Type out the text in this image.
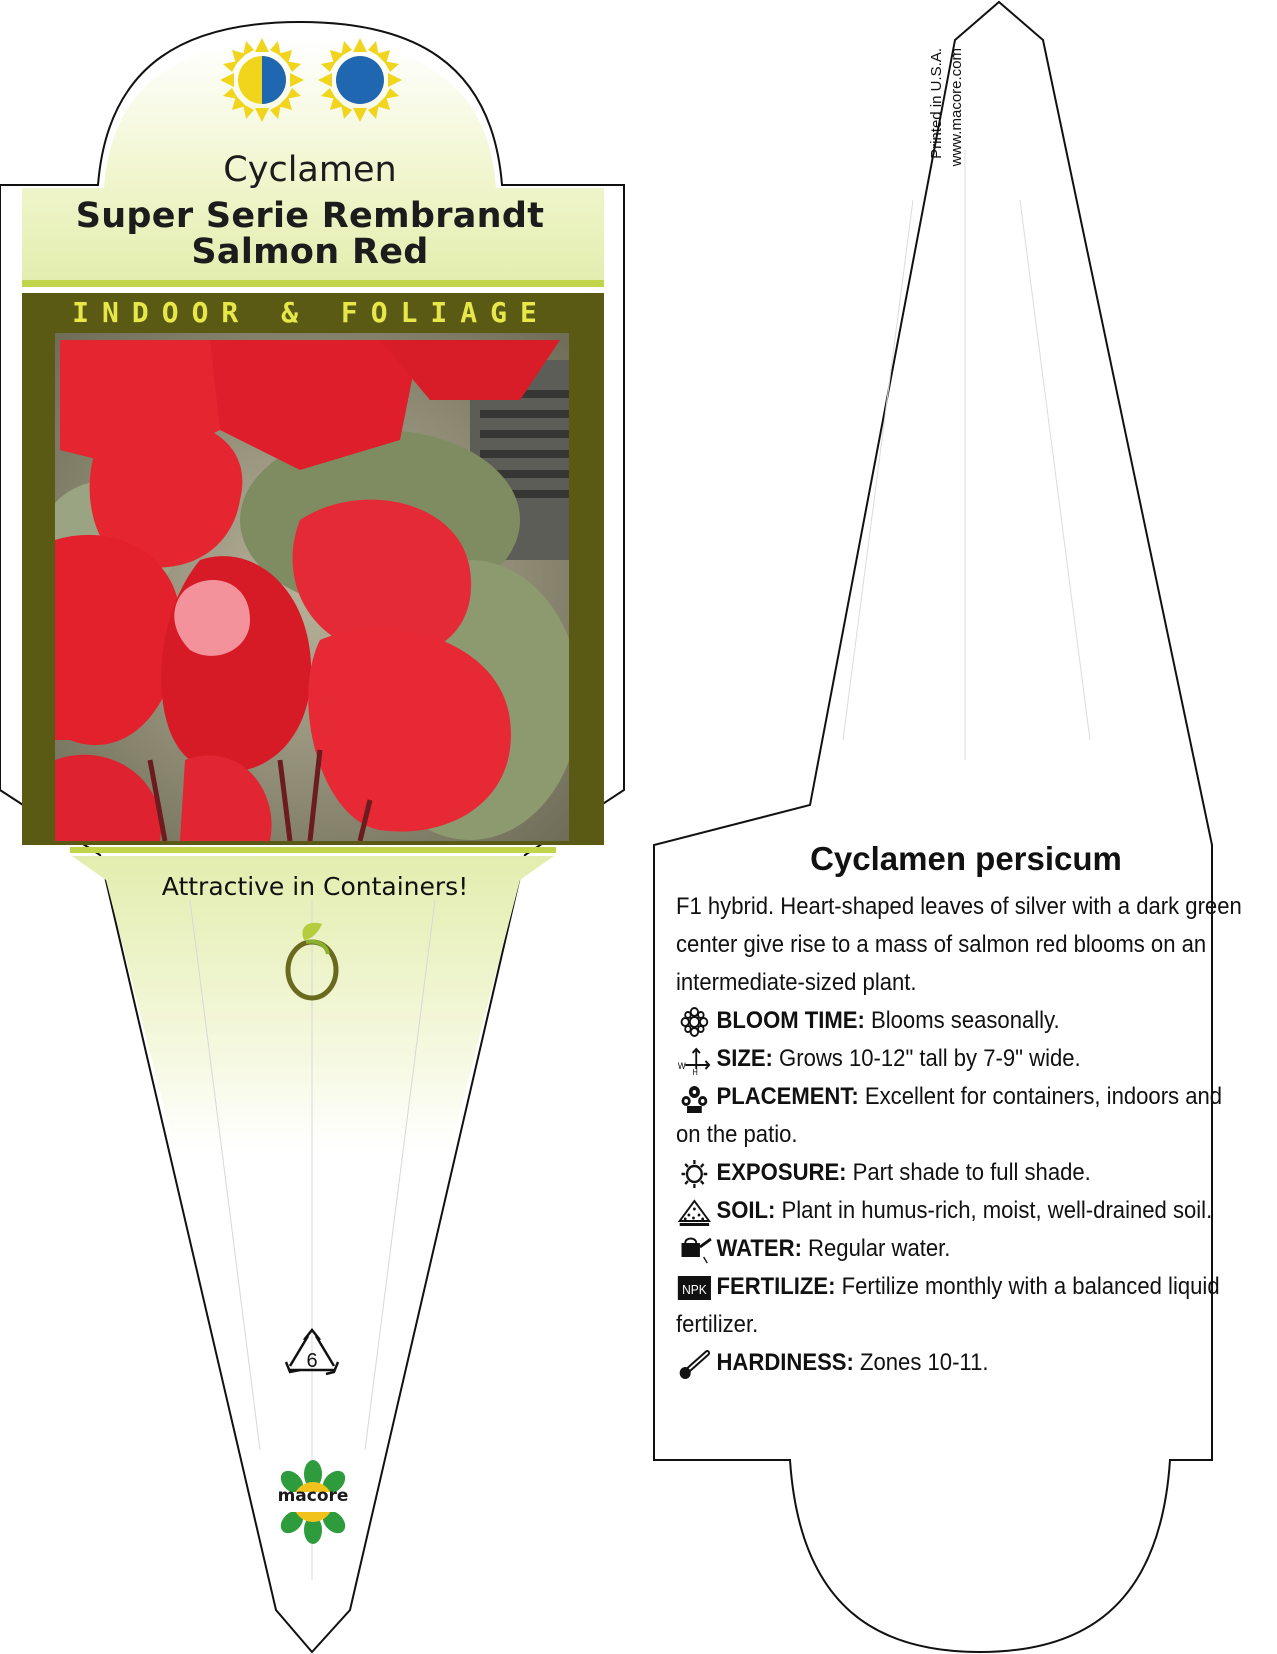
Cyclamen
Super Serie Rembrandt
Salmon Red
INDOOR & FOLIAGE
Attractive in Containers!
6
macore
Printed in U.S.A. www.macore.com
Cyclamen persicum
F1 hybrid. Heart-shaped leaves of silver with a dark green center give rise to a mass of salmon red blooms on an intermediate-sized plant.
BLOOM TIME: Blooms seasonally.
W
H
SIZE: Grows 10-12" tall by 7-9" wide.
PLACEMENT: Excellent for containers, indoors and on the patio.
EXPOSURE: Part shade to full shade.
SOIL: Plant in humus-rich, moist, well-drained soil.
WATER: Regular water.
NPK FERTILIZE: Fertilize monthly with a balanced liquid fertilizer.
HARDINESS: Zones 10-11.
